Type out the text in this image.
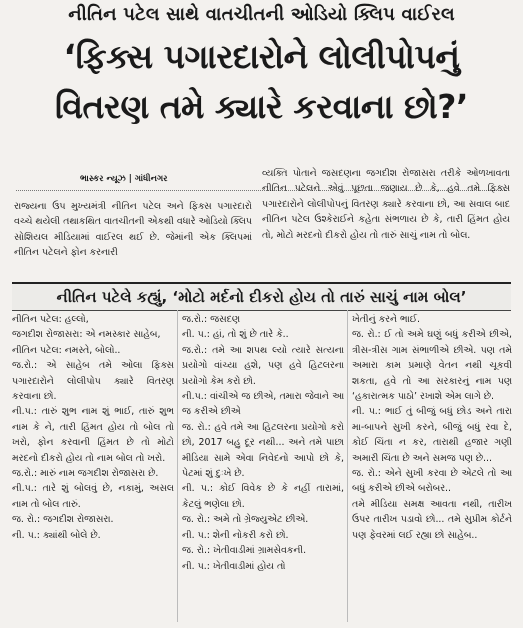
નીતિન પટેલ સાથે વાતચીતની ઓડિયો ક્લિપ વાઈરલ
‘ફિક્સ પગારદારોને લોલીપોપનું
વિતરણ તમે ક્યારે કરવાના છો?’
ભાસ્કર ન્યૂઝ | ગાંધીનગર

રાજ્યના ઉપ મુખ્યમંત્રી નીતિન પટેલ અને ફિક્સ પગારદારો વચ્ચે થયેલી તથાકથિત વાતચીતની એકથી વધારે ઓડિયો ક્લિપ સોશિયલ મીડિયામાં વાઈરલ થઈ છે. જેમાંની એક ક્લિપમાં નીતિન પટેલને ફોન કરનારી

વ્યક્તિ પોતાને જસદણના જગદીશ રોજાસરા તરીકે ઓળખાવતા નીતિન પટેલને એવું પૂછતા જણાય છે કે, હવે તમે ફિક્સ પગારદારોને લોલીપોપનું વિતરણ ક્યારે કરવાના છો, આ સવાલ બાદ નીતિન પટેલ ઉશ્કેરાઈને કહેતા સંભળાય છે કે, તારી હિંમત હોય તો, મોટો મરદનો દીકરો હોય તો તારું સાચું નામ તો બોલ.

નીતિન પટેલે કહ્યું, ‘મોટો મર્દનો દીકરો હોય તો તારું સાચું નામ બોલ’

નીતિન પટેલ: હલ્લો,

જગદીશ રોજાસરા: એ નમસ્કાર સાહેબ,

નીતિન પટેલ: નમસ્તે, બોલો..

જ.રો.: એ સાહેબ તમે ઓલા ફિક્સ પગારદારોને લોલીપોપ ક્યારે વિતરણ કરવાના છો.

ની.પ.: તારું શુભ નામ શું ભાઈ, તારું શુભ નામ કે ને, તારી હિંમત હોય તો બોલ તો ખરો, ફોન કરવાની હિંમત છે તો મોટો મરદનો દીકરો હોય તો નામ બોલ તો ખરો.

જ.રો.: મારું નામ જગદીશ રોજાસરા છે.

ની.પ.: તારે શું બોલવું છે, નકામું, અસલ નામ તો બોલ તારું.

જ. રો.: જગદીશ રોજાસરા.

ની. પ.: ક્યાંથી બોલે છે.

જ.રો.: જસદણ

ની. પ.: હાં, તો શું છે તારે કે..

જ.રો.: તમે આ શપથ લ્યો ત્યારે સત્યના પ્રયોગો વાંચ્યા હશે, પણ હવે હિટલરના પ્રયોગો કેમ કરો છો.

ની.પ.: વાંચીએ જ છીએ, તમારા જેવાને આ જ કરીએ છીએ

જ. રો.: હવે તમે આ હિટલરના પ્રયોગો કરો છો, 2017 બહુ દૂર નથી... અને તમે પાછા મીડિયા સામે એવા નિવેદનો આપો છો કે, પેટમાં શું દુઃખે છે.

ની. પ.: કોઈ વિવેક છે કે નહીં તારામાં, કેટલું ભણેલા છો.

જ. રો.: અમે તો ગ્રેજ્યુએટ છીએ.

ની. પ.: શેની નોકરી કરો છો.

જ. રો.: ખેતીવાડીમાં ગ્રામસેવકની.

ની. પ.: ખેતીવાડીમાં હોય તો

ખેતીનું કરને ભાઈ.

જ. રો.: ઈ તો અમે ઘણું બધું કરીએ છીએ, ત્રીસ-ત્રીસ ગામ સંભાળીએ છીએ. પણ તમે અમારા કામ પ્રમાણે વેતન નથી ચૂકવી શકતા, હવે તો આ સરકારનું નામ પણ ‘હકારાત્મક પાઠો’ રખાશે એમ લાગે છે.

ની. પ.: ભાઈ તું બીજું બધું છોડ અને તારા મા-બાપને સુખી કરને, બીજું બધું રવા દે, કોઈ ચિંતા ન કર, તારાથી હજાર ગણી અમારી ચિંતા છે અને સમજ પણ છે...

જ. રો.: એને સુખી કરવા છે એટલે તો આ બધું કરીએ છીએ બરોબર..

તમે મીડિયા સમક્ષ આવતા નથી, તારીખ ઉપર તારીખ પડાવો છો... તમે સુપ્રીમ કોર્ટને પણ ફેવરમાં લઈ રહ્યા છો સાહેબ..
